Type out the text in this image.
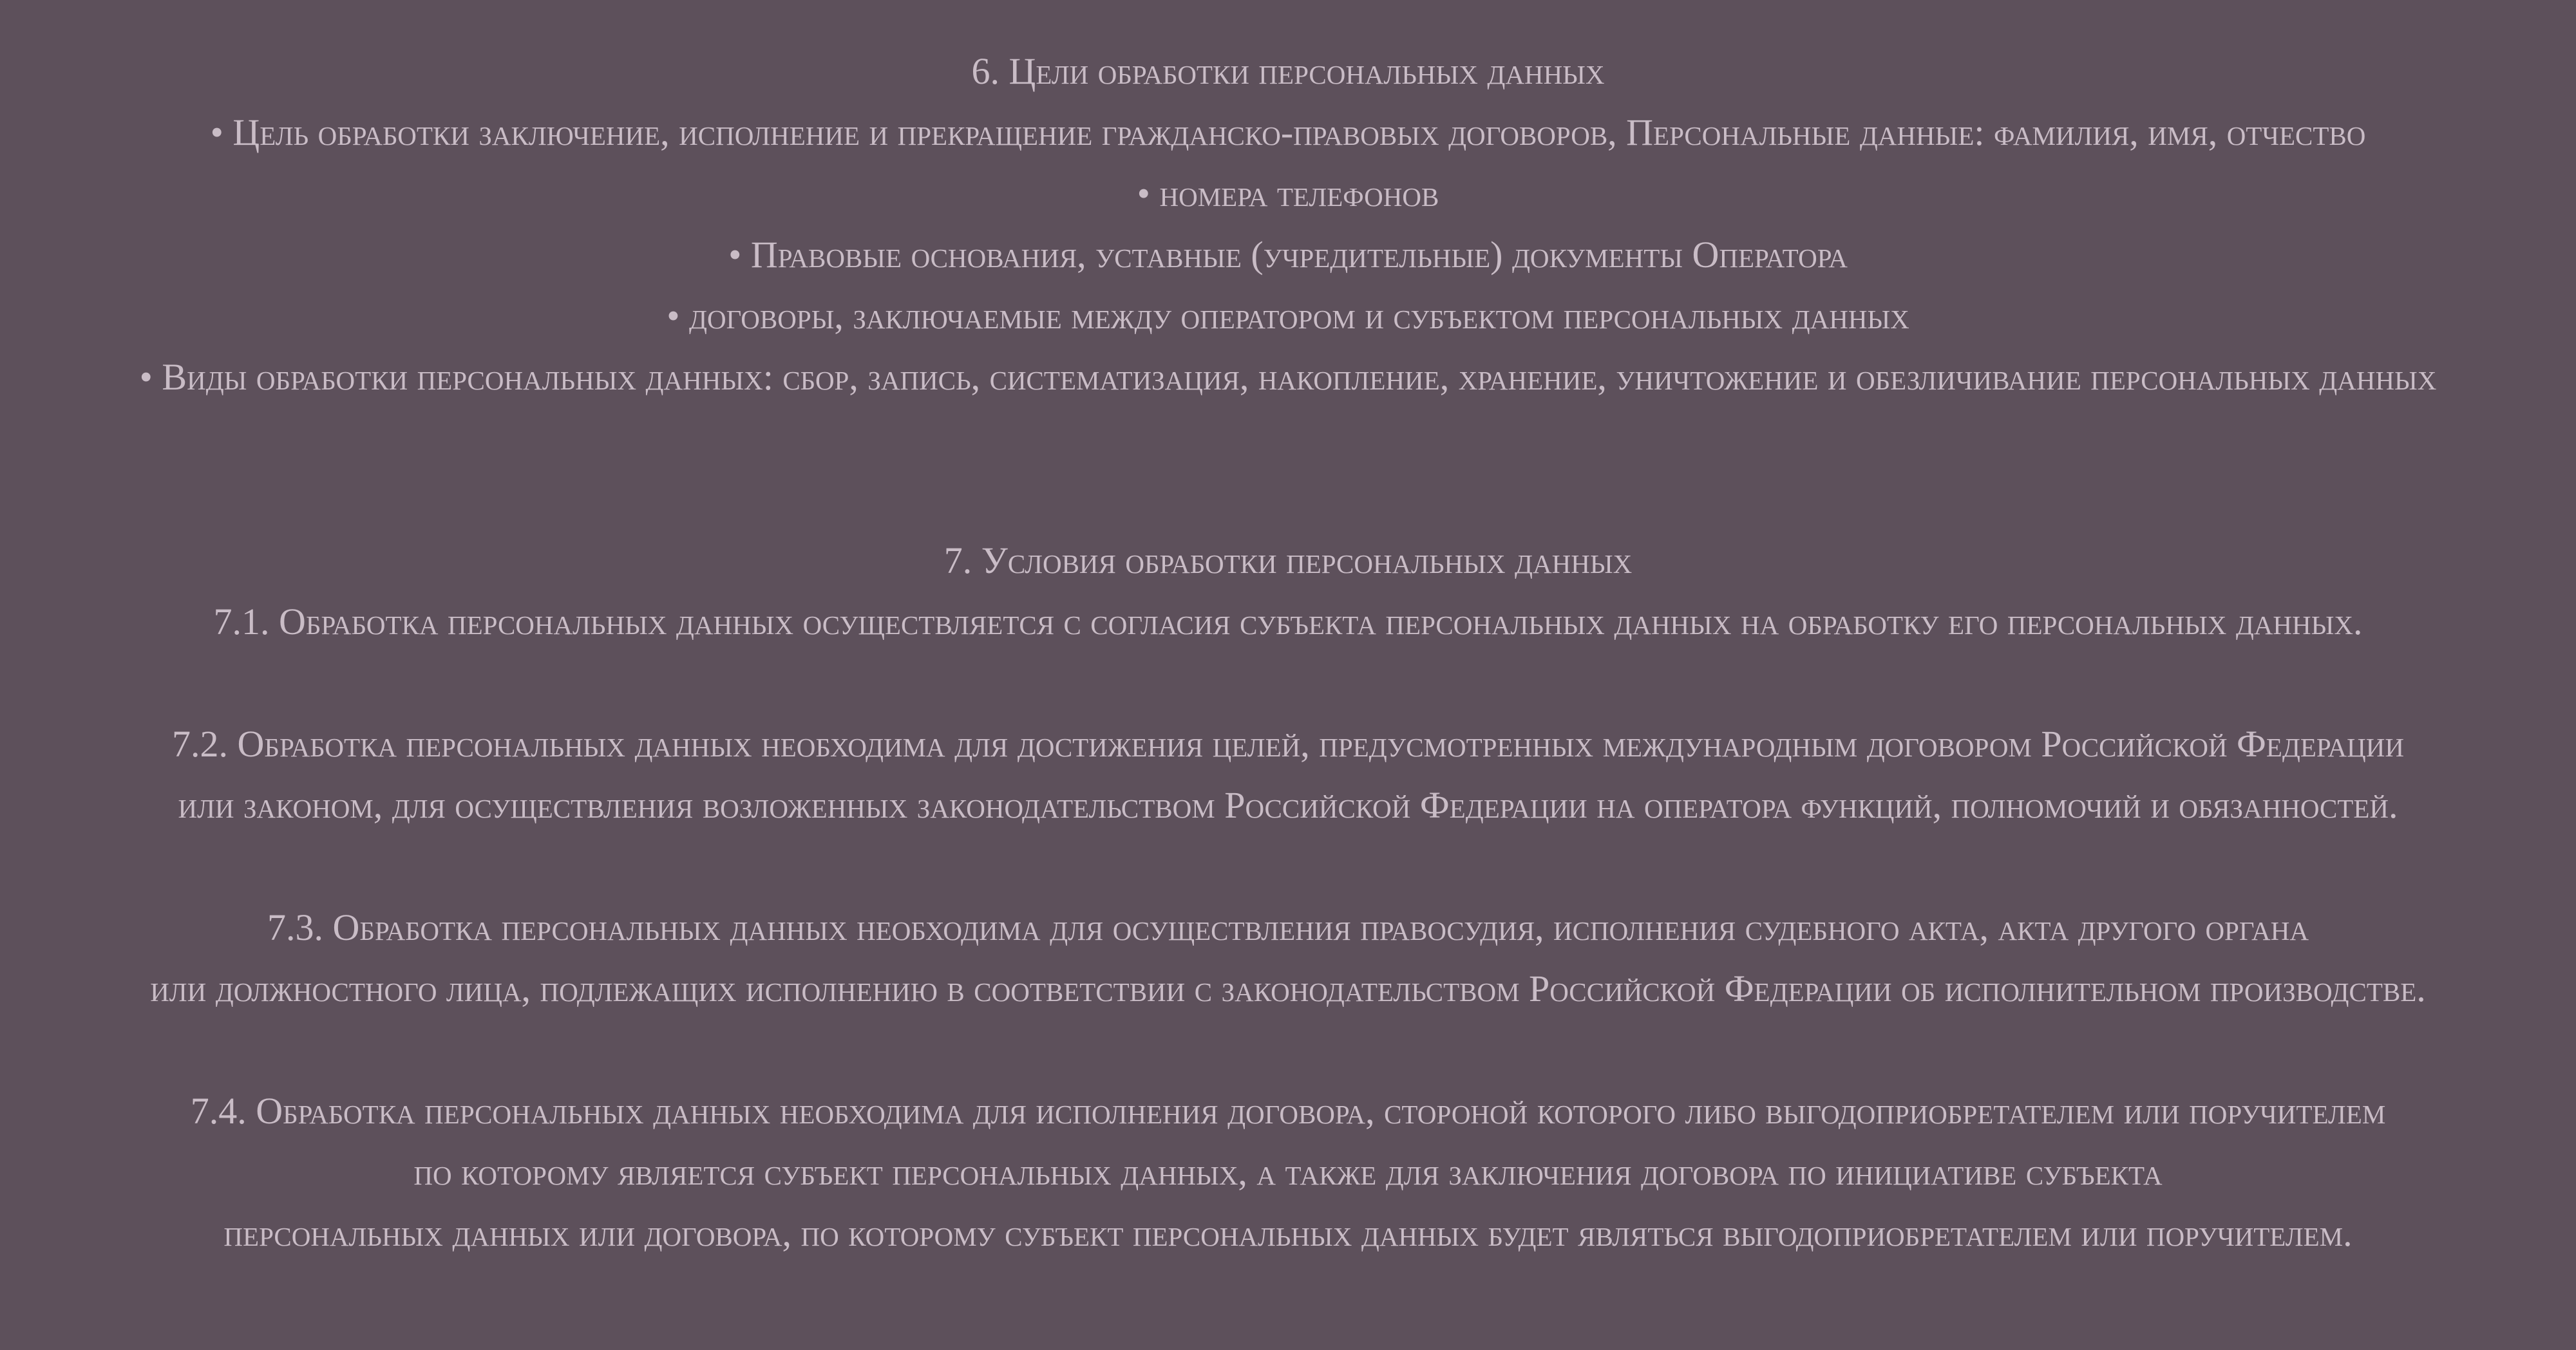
6. Цели обработки персональных данных
• Цель обработки заключение, исполнение и прекращение гражданско-правовых договоров, Персональные данные: фамилия, имя, отчество
• номера телефонов
• Правовые основания, уставные (учредительные) документы Оператора
• договоры, заключаемые между оператором и субъектом персональных данных
• Виды обработки персональных данных: сбор, запись, систематизация, накопление, хранение, уничтожение и обезличивание персональных данных
7. Условия обработки персональных данных
7.1. Обработка персональных данных осуществляется с согласия субъекта персональных данных на обработку его персональных данных.
7.2. Обработка персональных данных необходима для достижения целей, предусмотренных международным договором Российской Федерации
или законом, для осуществления возложенных законодательством Российской Федерации на оператора функций, полномочий и обязанностей.
7.3. Обработка персональных данных необходима для осуществления правосудия, исполнения судебного акта, акта другого органа
или должностного лица, подлежащих исполнению в соответствии с законодательством Российской Федерации об исполнительном производстве.
7.4. Обработка персональных данных необходима для исполнения договора, стороной которого либо выгодоприобретателем или поручителем
по которому является субъект персональных данных, а также для заключения договора по инициативе субъекта
персональных данных или договора, по которому субъект персональных данных будет являться выгодоприобретателем или поручителем.
